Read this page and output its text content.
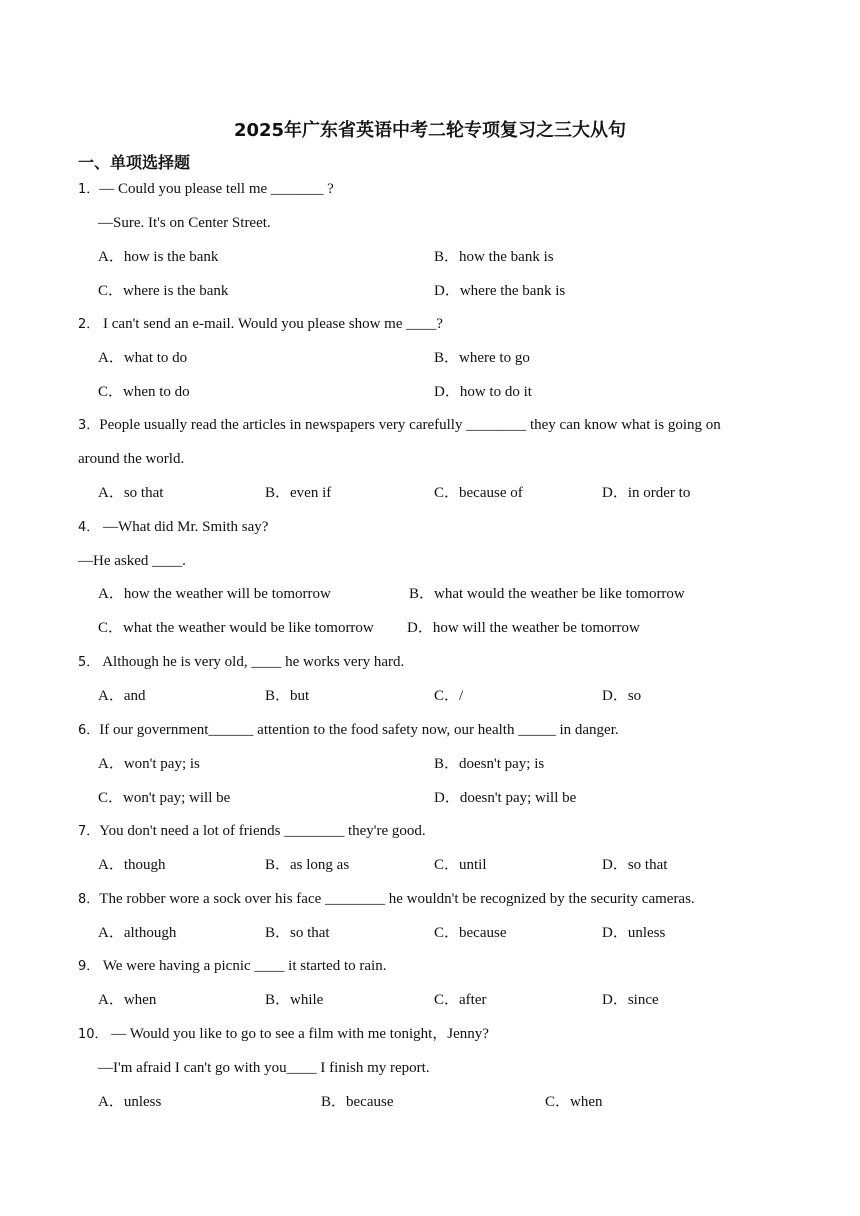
2025年广东省英语中考二轮专项复习之三大从句
一、单项选择题
1．— Could you please tell me _______ ?
—Sure. It's on Center Street.
A．how is the bank	B．how the bank is
C．where is the bank	D．where the bank is
2． I can't send an e-mail. Would you please show me ____?
A．what to do	B．where to go
C．when to do	D．how to do it
3．People usually read the articles in newspapers very carefully ________ they can know what is going on
around the world.
A．so that	B．even if	C．because of	D．in order to
4． —What did Mr. Smith say?
—He asked ____.
A．how the weather will be tomorrow	B．what would the weather be like tomorrow
C．what the weather would be like tomorrow D．how will the weather be tomorrow
5． Although he is very old, ____ he works very hard.
A．and	B．but	C．/	D．so
6．If our government______ attention to the food safety now, our health _____ in danger.
A．won't pay; is	B．doesn't pay; is
C．won't pay; will be	D．doesn't pay; will be
7．You don't need a lot of friends ________ they're good.
A．though	B．as long as	C．until	D．so that
8．The robber wore a sock over his face ________ he wouldn't be recognized by the security cameras.
A．although	B．so that	C．because	D．unless
9． We were having a picnic ____ it started to rain.
A．when	B．while	C．after	D．since
10． — Would you like to go to see a film with me tonight，Jenny?
—I'm afraid I can't go with you____ I finish my report.
A．unless	B．because	C．when
